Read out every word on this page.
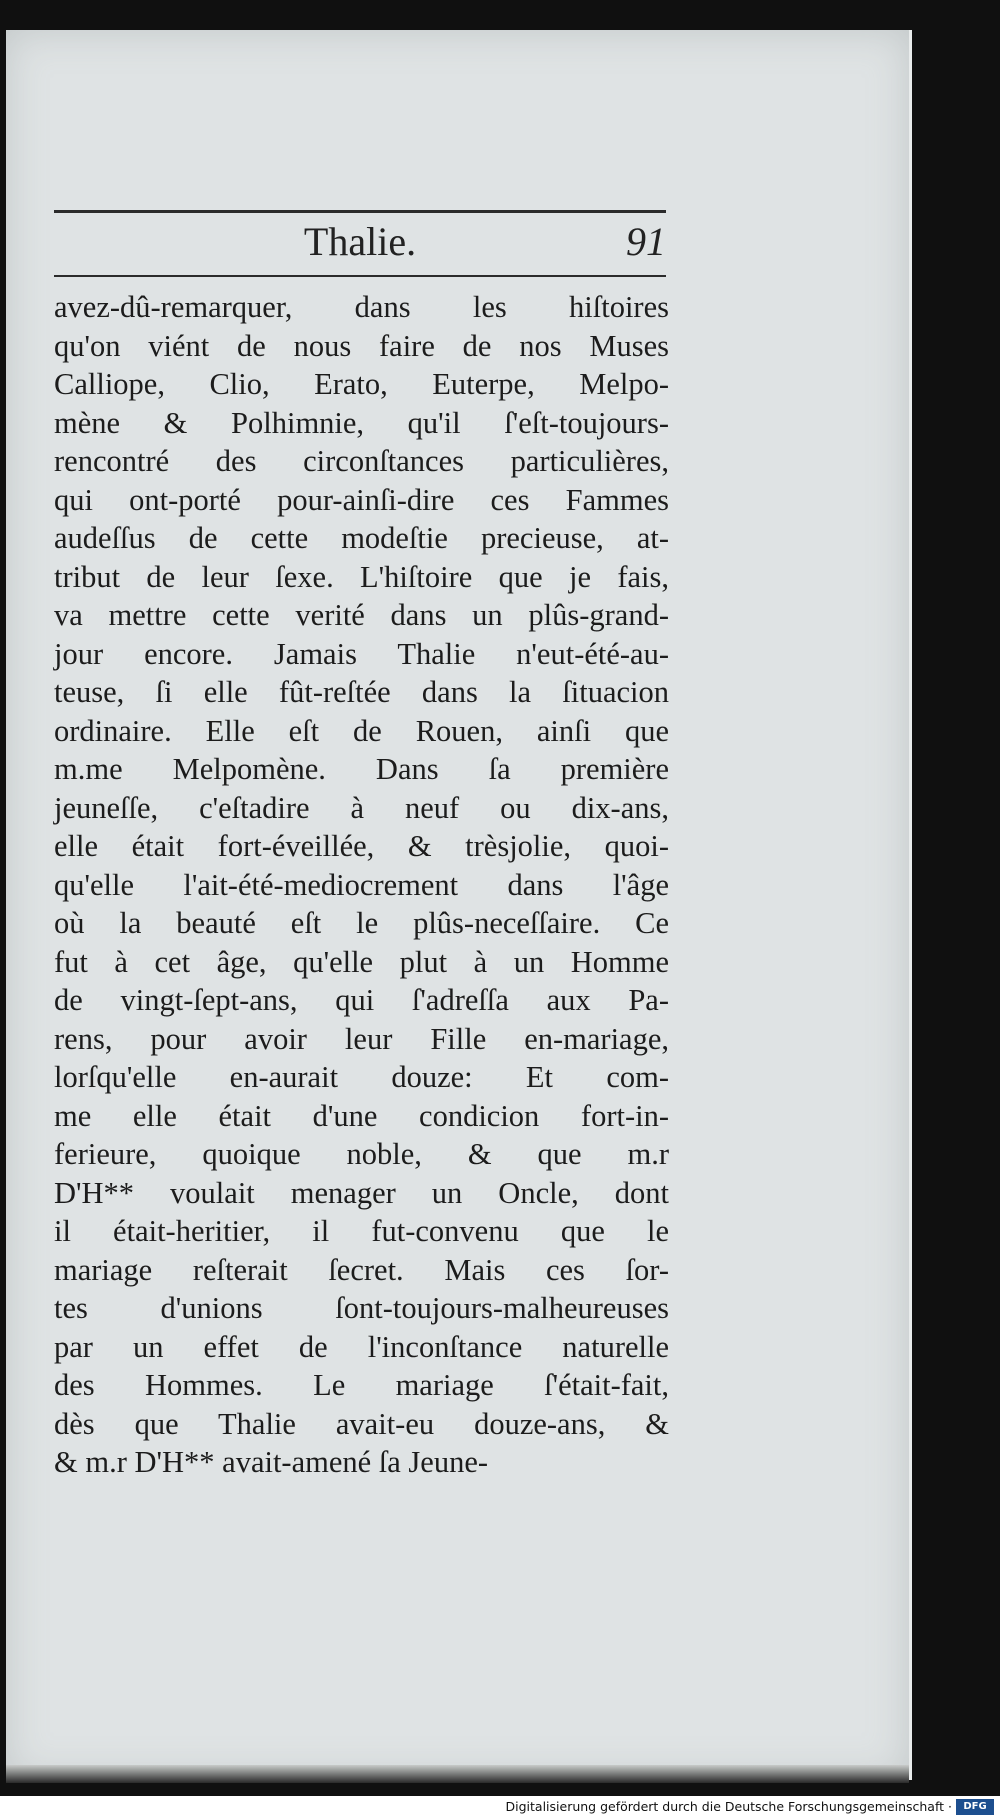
Thalie.	91
avez-dû-remarquer, dans les hiſtoires
qu'on viént de nous faire de nos Muses
Calliope, Clio, Erato, Euterpe, Melpo-
mène & Polhimnie, qu'il ſ'eſt-toujours-
rencontré des circonſtances particulières,
qui ont-porté pour-ainſi-dire ces Fammes
audeſſus de cette modeſtie precieuse, at-
tribut de leur ſexe. L'hiſtoire que je fais,
va mettre cette verité dans un plûs-grand-
jour encore. Jamais Thalie n'eut-été-au-
teuse, ſi elle fût-reſtée dans la ſituacion
ordinaire. Elle eſt de Rouen, ainſi que
m.me Melpomène. Dans ſa première
jeuneſſe, c'eſtadire à neuf ou dix-ans,
elle était fort-éveillée, & trèsjolie, quoi-
qu'elle l'ait-été-mediocrement dans l'âge
où la beauté eſt le plûs-neceſſaire. Ce
fut à cet âge, qu'elle plut à un Homme
de vingt-ſept-ans, qui ſ'adreſſa aux Pa-
rens, pour avoir leur Fille en-mariage,
lorſqu'elle en-aurait douze: Et com-
me elle était d'une condicion fort-in-
ferieure, quoique noble, & que m.r
D'H** voulait menager un Oncle, dont
il était-heritier, il fut-convenu que le
mariage reſterait ſecret. Mais ces ſor-
tes d'unions ſont-toujours-malheureuses
par un effet de l'inconſtance naturelle
des Hommes. Le mariage ſ'était-fait,
dès que Thalie avait-eu douze-ans, &
& m.r D'H** avait-amené ſa Jeune-
Digitalisierung gefördert durch die Deutsche Forschungsgemeinschaft ·	DFG
